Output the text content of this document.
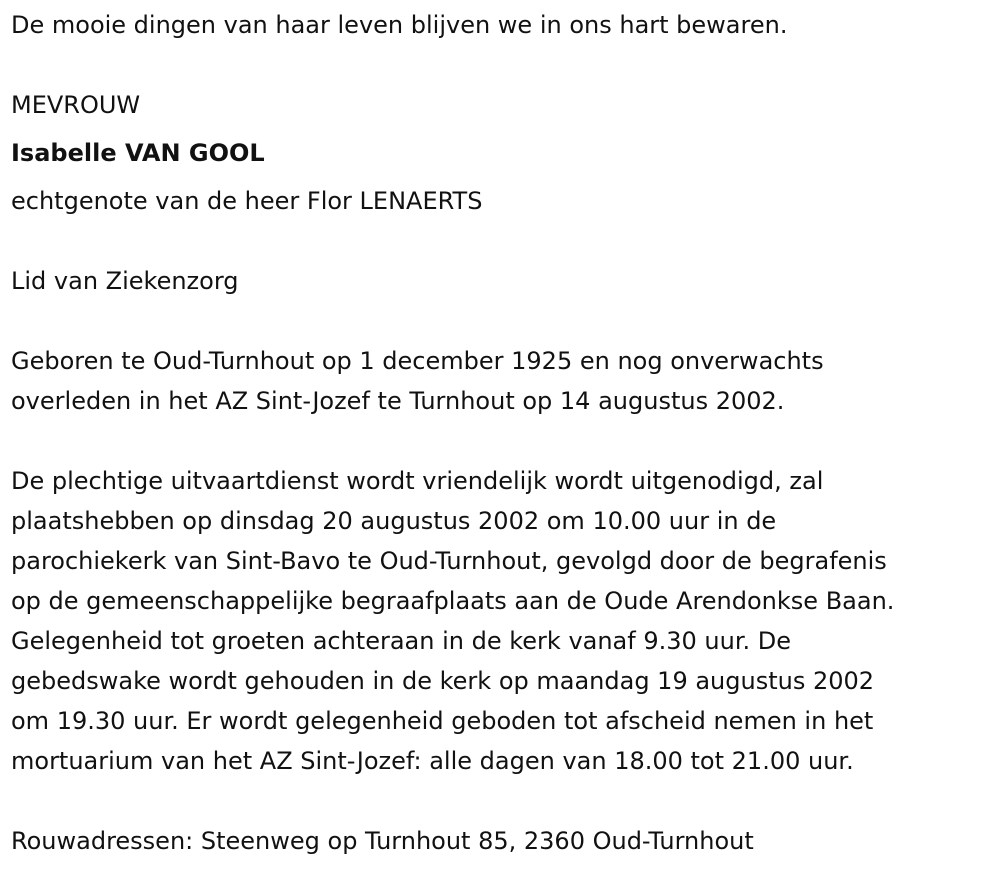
De mooie dingen van haar leven blijven we in ons hart bewaren.
MEVROUW
Isabelle VAN GOOL
echtgenote van de heer Flor LENAERTS
Lid van Ziekenzorg
Geboren te Oud-Turnhout op 1 december 1925 en nog onverwachts
overleden in het AZ Sint-Jozef te Turnhout op 14 augustus 2002.
De plechtige uitvaartdienst wordt vriendelijk wordt uitgenodigd, zal
plaatshebben op dinsdag 20 augustus 2002 om 10.00 uur in de
parochiekerk van Sint-Bavo te Oud-Turnhout, gevolgd door de begrafenis
op de gemeenschappelijke begraafplaats aan de Oude Arendonkse Baan.
Gelegenheid tot groeten achteraan in de kerk vanaf 9.30 uur. De
gebedswake wordt gehouden in de kerk op maandag 19 augustus 2002
om 19.30 uur. Er wordt gelegenheid geboden tot afscheid nemen in het
mortuarium van het AZ Sint-Jozef: alle dagen van 18.00 tot 21.00 uur.
Rouwadressen: Steenweg op Turnhout 85, 2360 Oud-Turnhout
